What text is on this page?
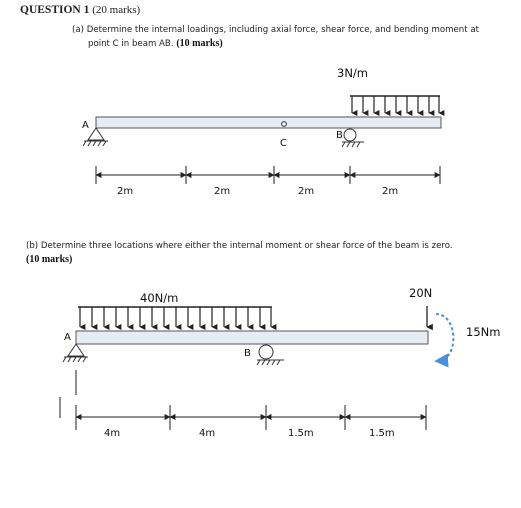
QUESTION 1 (20 marks)
(a) Determine the internal loadings, including axial force, shear force, and bending moment at
point C in beam AB. (10 marks)
(b) Determine three locations where either the internal moment or shear force of the beam is zero.
(10 marks)
3N/m
A
B
C
2m	2m	2m	2m
40N/m
A
B
20N
15Nm
4m	4m	1.5m	1.5m
